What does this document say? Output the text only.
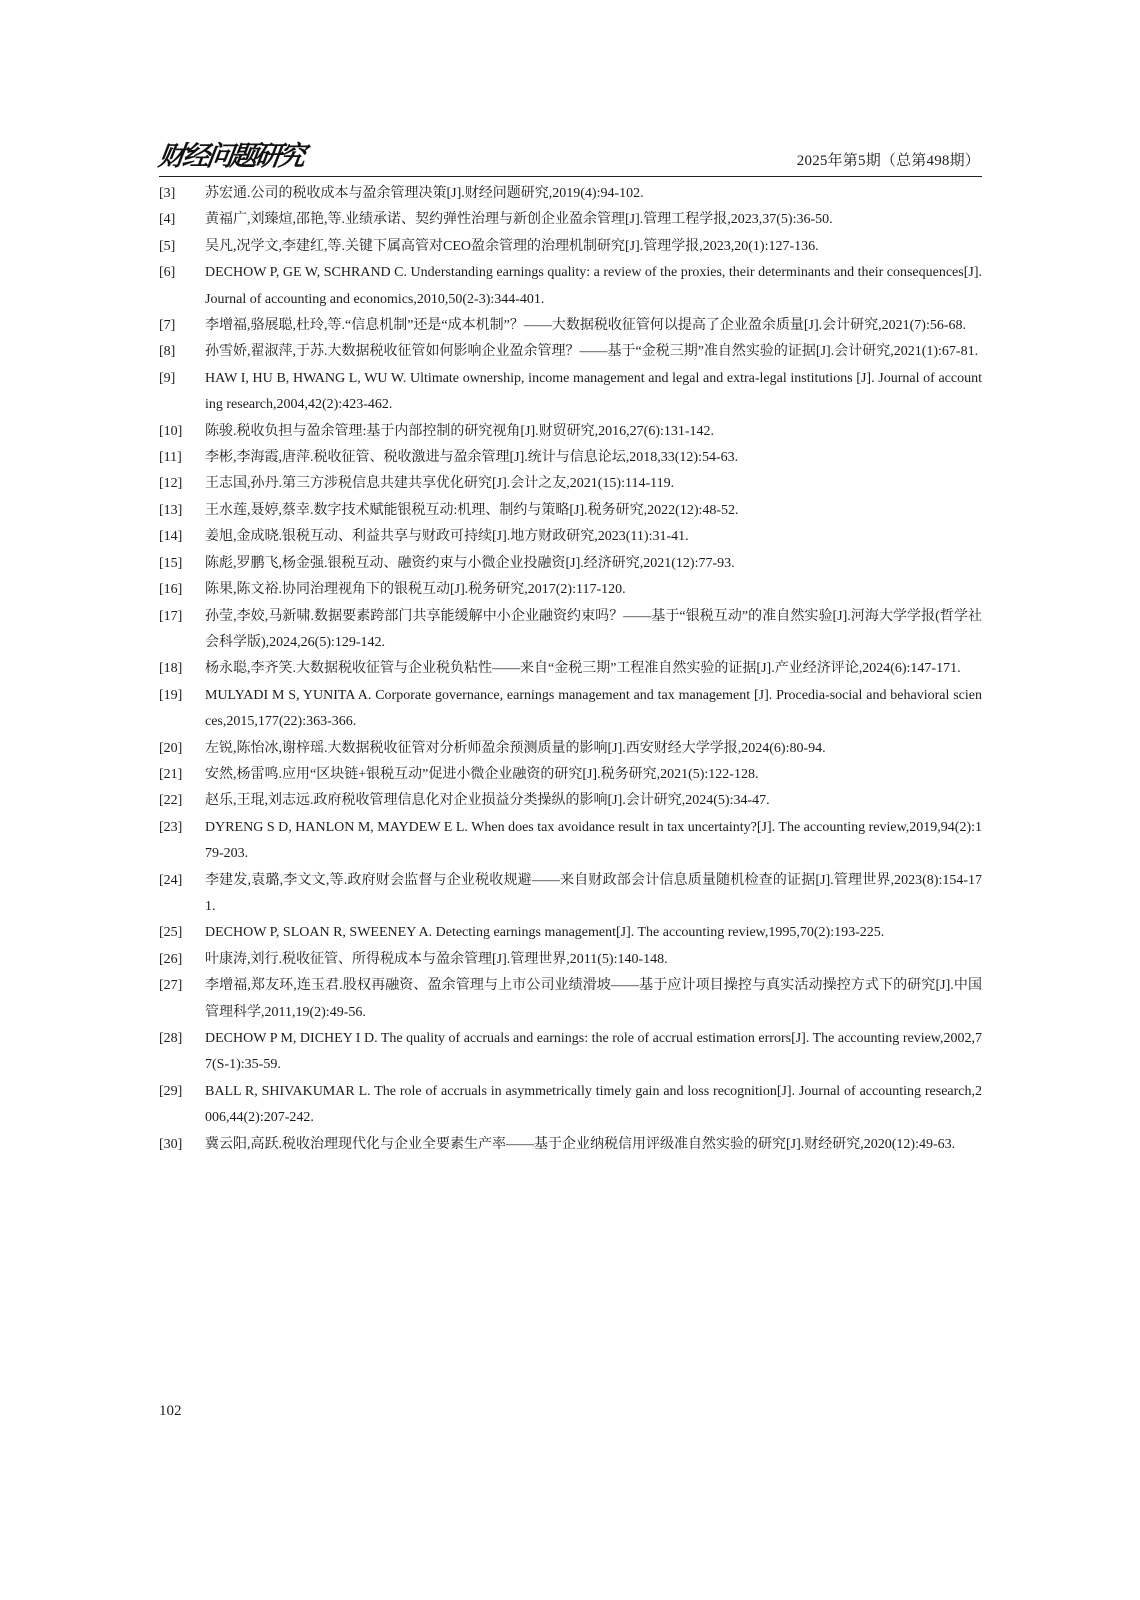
财经问题研究	2025年第5期（总第498期）
[3] 苏宏通.公司的税收成本与盈余管理决策[J].财经问题研究,2019(4):94-102.
[4] 黄福广,刘臻煊,邵艳,等.业绩承诺、契约弹性治理与新创企业盈余管理[J].管理工程学报,2023,37(5):36-50.
[5] 吴凡,况学文,李建红,等.关键下属高管对CEO盈余管理的治理机制研究[J].管理学报,2023,20(1):127-136.
[6] DECHOW P, GE W, SCHRAND C. Understanding earnings quality: a review of the proxies, their determinants and their consequences[J]. Journal of accounting and economics,2010,50(2-3):344-401.
[7] 李增福,骆展聪,杜玲,等.“信息机制”还是“成本机制”？——大数据税收征管何以提高了企业盈余质量[J].会计研究,2021(7):56-68.
[8] 孙雪娇,翟淑萍,于苏.大数据税收征管如何影响企业盈余管理？——基于“金税三期”准自然实验的证据[J].会计研究,2021(1):67-81.
[9] HAW I, HU B, HWANG L, WU W. Ultimate ownership, income management and legal and extra-legal institutions [J]. Journal of accounting research,2004,42(2):423-462.
[10] 陈骏.税收负担与盈余管理:基于内部控制的研究视角[J].财贸研究,2016,27(6):131-142.
[11] 李彬,李海霞,唐萍.税收征管、税收激进与盈余管理[J].统计与信息论坛,2018,33(12):54-63.
[12] 王志国,孙丹.第三方涉税信息共建共享优化研究[J].会计之友,2021(15):114-119.
[13] 王水莲,聂婷,蔡幸.数字技术赋能银税互动:机理、制约与策略[J].税务研究,2022(12):48-52.
[14] 姜旭,金成晓.银税互动、利益共享与财政可持续[J].地方财政研究,2023(11):31-41.
[15] 陈彪,罗鹏飞,杨金强.银税互动、融资约束与小微企业投融资[J].经济研究,2021(12):77-93.
[16] 陈果,陈文裕.协同治理视角下的银税互动[J].税务研究,2017(2):117-120.
[17] 孙莹,李姣,马新啸.数据要素跨部门共享能缓解中小企业融资约束吗？——基于“银税互动”的准自然实验[J].河海大学学报(哲学社会科学版),2024,26(5):129-142.
[18] 杨永聪,李齐笑.大数据税收征管与企业税负粘性——来自“金税三期”工程准自然实验的证据[J].产业经济评论,2024(6):147-171.
[19] MULYADI M S, YUNITA A. Corporate governance, earnings management and tax management [J]. Procedia-social and behavioral sciences,2015,177(22):363-366.
[20] 左锐,陈怡冰,谢梓瑶.大数据税收征管对分析师盈余预测质量的影响[J].西安财经大学学报,2024(6):80-94.
[21] 安然,杨雷鸣.应用“区块链+银税互动”促进小微企业融资的研究[J].税务研究,2021(5):122-128.
[22] 赵乐,王琨,刘志远.政府税收管理信息化对企业损益分类操纵的影响[J].会计研究,2024(5):34-47.
[23] DYRENG S D, HANLON M, MAYDEW E L. When does tax avoidance result in tax uncertainty?[J]. The accounting review,2019,94(2):179-203.
[24] 李建发,袁璐,李文文,等.政府财会监督与企业税收规避——来自财政部会计信息质量随机检查的证据[J].管理世界,2023(8):154-171.
[25] DECHOW P, SLOAN R, SWEENEY A. Detecting earnings management[J]. The accounting review,1995,70(2):193-225.
[26] 叶康涛,刘行.税收征管、所得税成本与盈余管理[J].管理世界,2011(5):140-148.
[27] 李增福,郑友环,连玉君.股权再融资、盈余管理与上市公司业绩滑坡——基于应计项目操控与真实活动操控方式下的研究[J].中国管理科学,2011,19(2):49-56.
[28] DECHOW P M, DICHEY I D. The quality of accruals and earnings: the role of accrual estimation errors[J]. The accounting review,2002,77(S-1):35-59.
[29] BALL R, SHIVAKUMAR L. The role of accruals in asymmetrically timely gain and loss recognition[J]. Journal of accounting research,2006,44(2):207-242.
[30] 冀云阳,高跃.税收治理现代化与企业全要素生产率——基于企业纳税信用评级准自然实验的研究[J].财经研究,2020(12):49-63.
102
